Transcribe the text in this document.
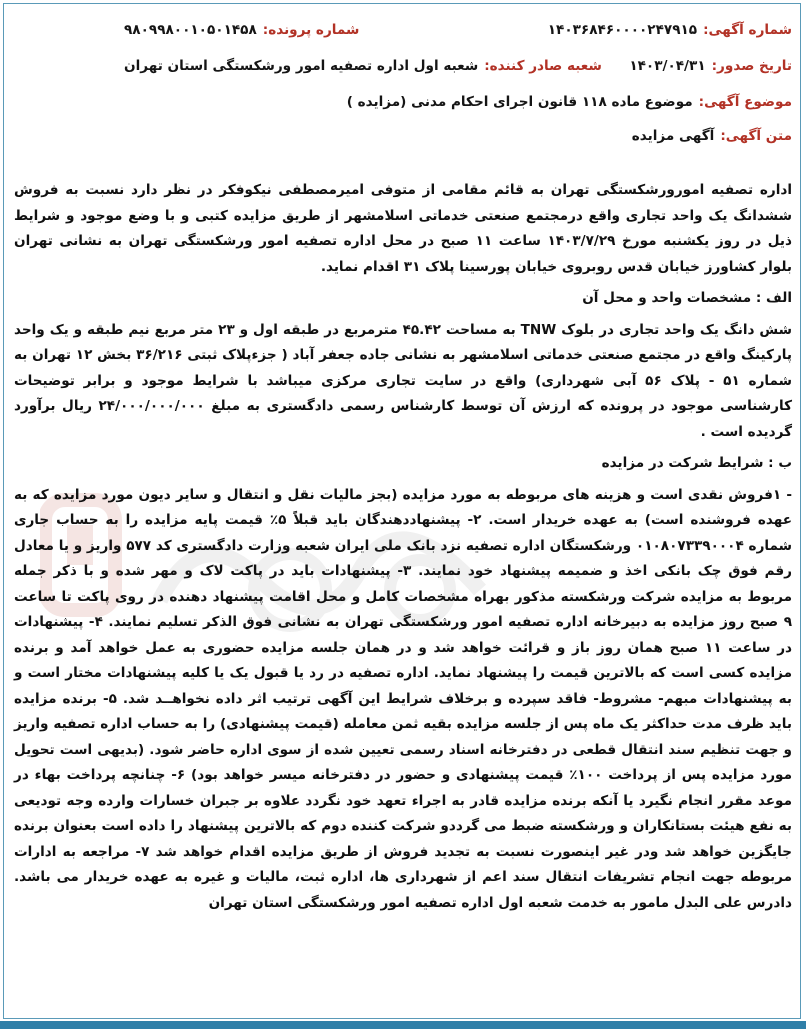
شماره آگهی:
۱۴۰۳۶۸۴۶۰۰۰۰۲۴۷۹۱۵
شماره پرونده:
۹۸۰۹۹۸۰۰۱۰۵۰۱۴۵۸
تاریخ صدور:
۱۴۰۳/۰۴/۳۱
شعبه صادر کننده:
شعبه اول اداره تصفیه امور ورشکستگی استان تهران
موضوع آگهی:
موضوع ماده ۱۱۸ قانون اجرای احکام مدنی (مزایده )
متن آگهی:
آگهی مزایده
اداره تصفیه امورورشکستگی تهران به قائم مقامی از متوفی امیرمصطفی نیکوفکر در نظر دارد نسبت به فروش ششدانگ یک واحد تجاری واقع درمجتمع صنعتی خدماتی اسلامشهر از طریق مزایده کتبی و با وضع موجود و شرایط ذیل در روز یکشنبه مورخ ۱۴۰۳/۷/۲۹ ساعت ۱۱ صبح در محل اداره تصفیه امور ورشکستگی تهران به نشانی تهران بلوار کشاورز خیابان قدس روبروی خیابان پورسینا پلاک ۳۱ اقدام نماید.
الف : مشخصات واحد و محل آن
شش دانگ یک واحد تجاری در بلوک TNW به مساحت ۴۵.۴۲ مترمربع در طبقه اول و ۲۳ متر مربع نیم طبقه و یک واحد پارکینگ واقع در مجتمع صنعتی خدماتی اسلامشهر به نشانی جاده جعفر آباد ( جزءپلاک ثبتی ۳۶/۲۱۶ بخش ۱۲ تهران به شماره ۵۱ - پلاک ۵۶ آبی شهرداری) واقع در سایت تجاری مرکزی میباشد با شرایط موجود و برابر توضیحات کارشناسی موجود در پرونده که ارزش آن توسط کارشناس رسمی دادگستری به مبلغ ۲۴/۰۰۰/۰۰۰/۰۰۰ ریال برآورد گردیده است .
ب : شرایط شرکت در مزایده
- ۱فروش نقدی است و هزینه های مربوطه به مورد مزایده (بجز مالیات نقل و انتقال و سایر دیون مورد مزایده که به عهده فروشنده است) به عهده خریدار است. ۲- پیشنهاددهندگان باید قبلاً ۵٪ قیمت پایه مزایده را به حساب جاری شماره ۰۱۰۸۰۷۳۳۹۰۰۰۴ ورشکستگان اداره تصفیه نزد بانک ملی ایران شعبه وزارت دادگستری کد ۵۷۷ واریز و یا معادل رقم فوق چک بانکی اخذ و ضمیمه پیشنهاد خود نمایند. ۳- پیشنهادات باید در پاکت لاک و مهر شده و با ذکر جمله مربوط به مزایده شرکت ورشکسته مذکور بهراه مشخصات کامل و محل اقامت پیشنهاد دهنده در روی پاکت تا ساعت ۹ صبح روز مزایده به دبیرخانه اداره تصفیه امور ورشکستگی تهران به نشانی فوق الذکر تسلیم نمایند. ۴- پیشنهادات در ساعت ۱۱ صبح همان روز باز و قرائت خواهد شد و در همان جلسه مزایده حضوری به عمل خواهد آمد و برنده مزایده کسی است که بالاترین قیمت را پیشنهاد نماید. اداره تصفیه در رد یا قبول یک یا کلیه پیشنهادات مختار است و به پیشنهادات مبهم- مشروط- فاقد سپرده و برخلاف شرایط این آگهی ترتیب اثر داده نخواهــد شد. ۵- برنده مزایده باید ظرف مدت حداکثر یک ماه پس از جلسه مزایده بقیه ثمن معامله (قیمت پیشنهادی) را به حساب اداره تصفیه واریز و جهت تنظیم سند انتقال قطعی در دفترخانه اسناد رسمی تعیین شده از سوی اداره حاضر شود. (بدیهی است تحویل مورد مزایده پس از پرداخت ۱۰۰٪ قیمت پیشنهادی و حضور در دفترخانه میسر خواهد بود) ۶- چنانچه پرداخت بهاء در موعد مقرر انجام نگیرد یا آنکه برنده مزایده قادر به اجراء تعهد خود نگردد علاوه بر جبران خسارات وارده وجه تودیعی به نفع هیئت بستانکاران و ورشکسته ضبط می گرددو شرکت کننده دوم که بالاترین پیشنهاد را داده است بعنوان برنده جایگزین خواهد شد ودر غیر اینصورت نسبت به تجدید فروش از طریق مزایده اقدام خواهد شد ۷- مراجعه به ادارات مربوطه جهت انجام تشریفات انتقال سند اعم از شهرداری ها، اداره ثبت، مالیات و غیره به عهده خریدار می باشد. دادرس علی البدل مامور به خدمت شعبه اول اداره تصفیه امور ورشکستگی استان تهران
